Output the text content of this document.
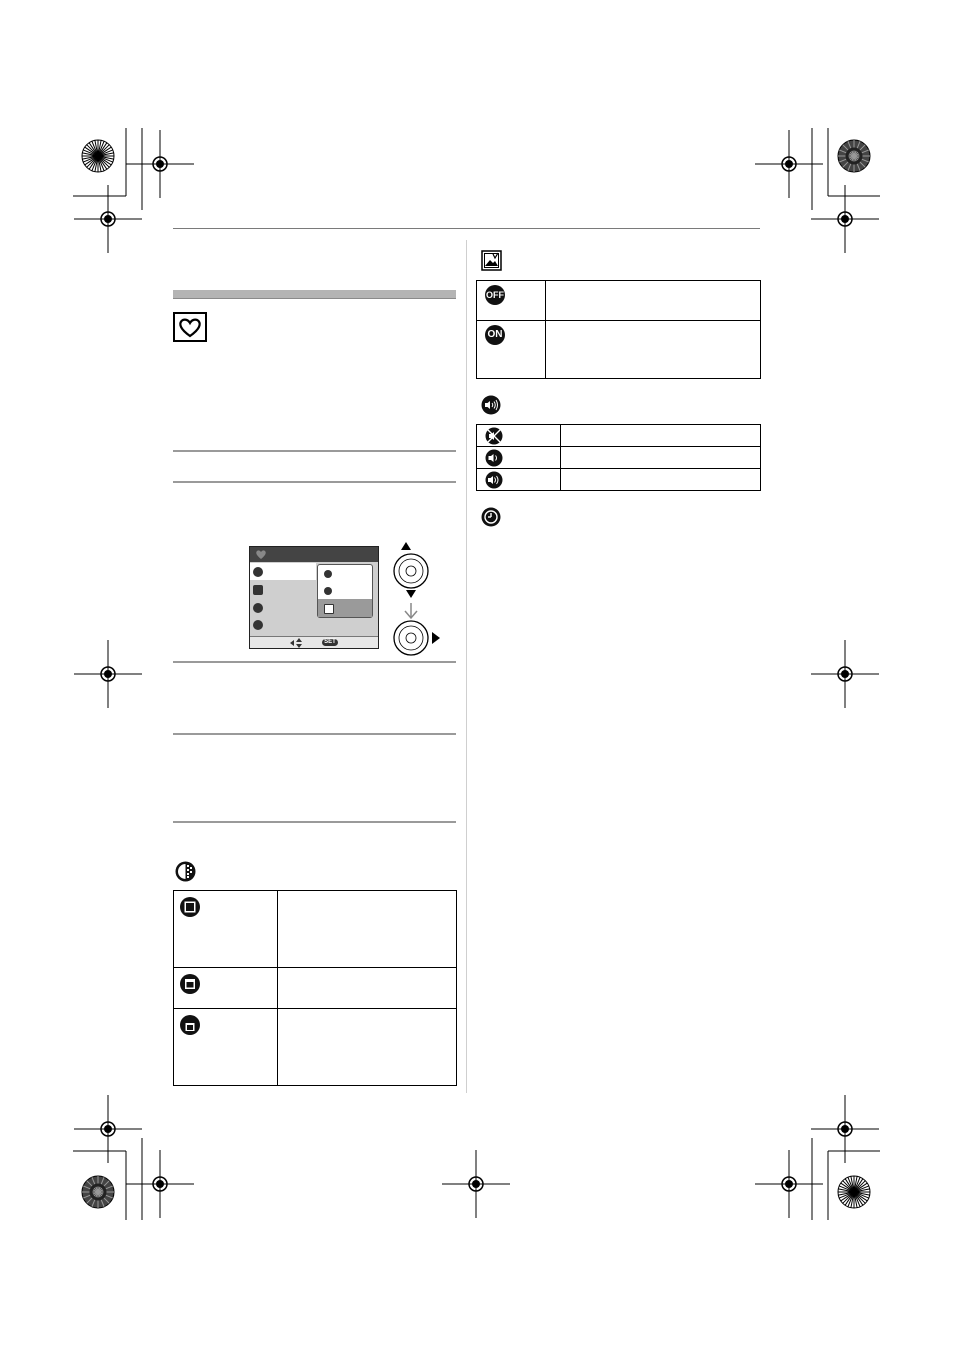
SET

OFF	

ON	
